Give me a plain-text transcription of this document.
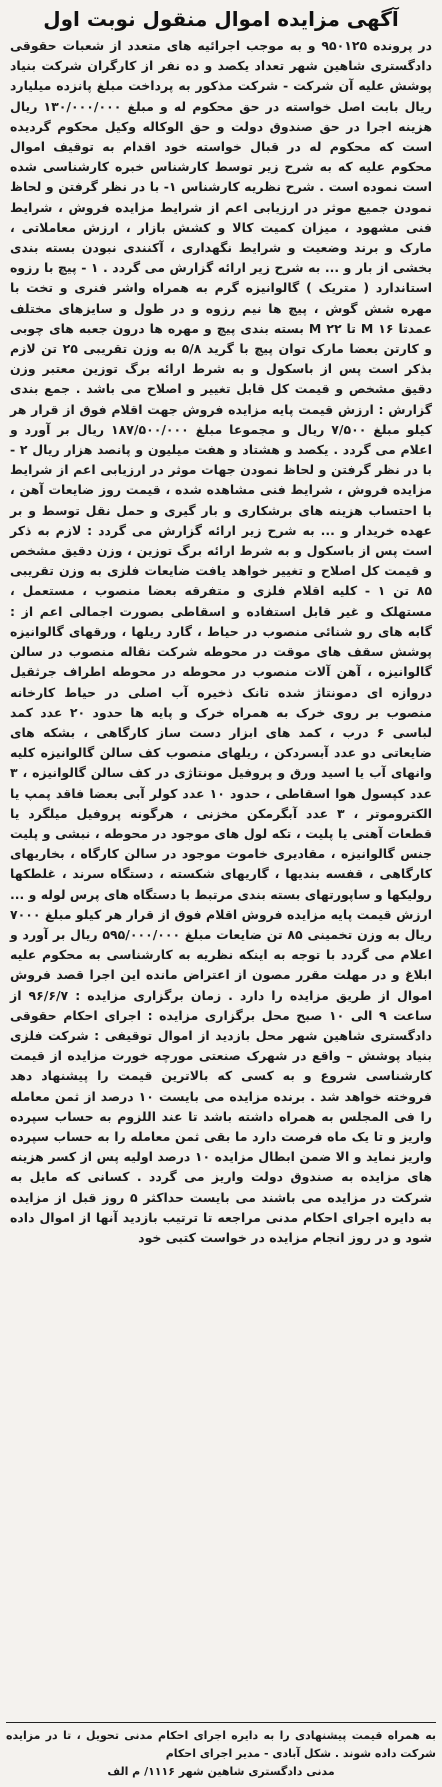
آگهی مزایده اموال منقول نوبت اول

در پرونده ۹۵۰۱۲۵ و به موجب اجرائیه های متعدد از شعبات حقوقی دادگستری شاهین شهر تعداد یکصد و ده نفر از کارگران شرکت بنیاد پوشش علیه آن شرکت - شرکت مذکور به پرداخت مبلغ پانزده میلیارد ریال بابت اصل خواسته در حق محکوم له و مبلغ ۱۳۰/۰۰۰/۰۰۰ ریال هزینه اجرا در حق صندوق دولت و حق الوکاله وکیل محکوم گردیده است که محکوم له در قبال خواسته خود اقدام به توقیف اموال محکوم علیه که به شرح زیر توسط کارشناس خبره کارشناسی شده است نموده است . شرح نظریه کارشناس ۱- با در نظر گرفتن و لحاظ نمودن جمیع موثر در ارزیابی اعم از شرایط مزایده فروش ، شرایط فنی مشهود ، میزان کمیت کالا و کشش بازار ، ارزش معاملاتی ، مارک و برند وضعیت و شرایط نگهداری ، آکنندی نبودن بسته بندی بخشی از بار و ... به شرح زیر ارائه گزارش می گردد . ۱ - پیچ با رزوه استاندارد ( متریک ) گالوانیزه گرم به همراه واشر فنری و تخت با مهره شش گوش ، پیچ ها نیم رزوه و در طول و سایزهای مختلف عمدتا ۱۶ M تا ۲۲ M بسته بندی پیچ و مهره ها درون جعبه های چوبی و کارتن بعضا مارک توان پیچ با گرید ۵/۸ به وزن تقریبی ۲۵ تن لازم بذکر است پس از باسکول و به شرط ارائه برگ توزین معتبر وزن دقیق مشخص و قیمت کل قابل تغییر و اصلاح می باشد . جمع بندی گزارش : ارزش قیمت پایه مزایده فروش جهت اقلام فوق از قرار هر کیلو مبلغ ۷/۵۰۰ ریال و مجموعا مبلغ ۱۸۷/۵۰۰/۰۰۰ ریال بر آورد و اعلام می گردد . یکصد و هشتاد و هفت میلیون و پانصد هزار ریال ۲ - با در نظر گرفتن و لحاظ نمودن جهات موثر در ارزیابی اعم از شرایط مزایده فروش ، شرایط فنی مشاهده شده ، قیمت روز ضایعات آهن ، با احتساب هزینه های برشکاری و بار گیری و حمل نقل توسط و بر عهده خریدار و ... به شرح زیر ارائه گزارش می گردد : لازم به ذکر است پس از باسکول و به شرط ارائه برگ توزین ، وزن دقیق مشخص و قیمت کل اصلاح و تغییر خواهد یافت ضایعات فلزی به وزن تقریبی ۸۵ تن ۱ - کلیه اقلام فلزی و متفرقه بعضا منصوب ، مستعمل ، مستهلک و غیر قابل استفاده و اسقاطی بصورت اجمالی اعم از : گابه های رو شنائی منصوب در حیاط ، گارد ریلها ، ورقهای گالوانیزه پوشش سقف های موقت در محوطه شرکت نقاله منصوب در سالن گالوانیزه ، آهن آلات منصوب در محوطه در محوطه اطراف جرثقیل دروازه ای دمونتاژ شده تانک ذخیره آب اصلی در حیاط کارخانه منصوب بر روی خرک به همراه خرک و پایه ها حدود ۲۰ عدد کمد لباسی ۶ درب ، کمد های ابزار دست ساز کارگاهی ، بشکه های ضایعاتی دو عدد آبسردکن ، ریلهای منصوب کف سالن گالوانیزه کلیه وانهای آب یا اسید ورق و پروفیل مونتاژی در کف سالن گالوانیزه ، ۳ عدد کپسول هوا اسقاطی ، حدود ۱۰ عدد کولر آبی بعضا فاقد پمپ یا الکتروموتر ، ۳ عدد آبگرمکن مخزنی ، هرگونه پروفیل میلگرد یا قطعات آهنی یا پلیت ، تکه لول های موجود در محوطه ، نبشی و پلیت جنس گالوانیزه ، مقادیری خاموت موجود در سالن کارگاه ، بخاریهای کارگاهی ، قفسه بندیها ، گاریهای شکسته ، دستگاه سرند ، غلطکها رولیکها و ساپورتهای بسته بندی مرتبط با دستگاه های پرس لوله و ... ارزش قیمت پایه مزایده فروش اقلام فوق از قرار هر کیلو مبلغ ۷۰۰۰ ریال به وزن تخمینی ۸۵ تن ضایعات مبلغ ۵۹۵/۰۰۰/۰۰۰ ریال بر آورد و اعلام می گردد با توجه به اینکه نظریه به کارشناسی به محکوم علیه ابلاغ و در مهلت مقرر مصون از اعتراض مانده این اجرا قصد فروش اموال از طریق مزایده را دارد . زمان برگزاری مزایده : ۹۶/۶/۷ از ساعت ۹ الی ۱۰ صبح محل برگزاری مزایده : اجرای احکام حقوقی دادگستری شاهین شهر محل بازدید از اموال توقیفی : شرکت فلزی بنیاد پوشش – واقع در شهرک صنعتی مورچه خورت مزایده از قیمت کارشناسی شروع و به کسی که بالاترین قیمت را پیشنهاد دهد فروخته خواهد شد . برنده مزایده می بایست ۱۰ درصد از ثمن معامله را فی المجلس به همراه داشته باشد تا عند اللزوم به حساب سپرده واریز و تا یک ماه فرصت دارد ما بقی ثمن معامله را به حساب سپرده واریز نماید و الا ضمن ابطال مزایده ۱۰ درصد اولیه پس از کسر هزینه های مزایده به صندوق دولت واریز می گردد . کسانی که مایل به شرکت در مزایده می باشند می بایست حداکثر ۵ روز قبل از مزایده به دایره اجرای احکام مدنی مراجعه تا ترتیب بازدید آنها از اموال داده شود و در روز انجام مزایده در خواست کتبی خود

به همراه قیمت پیشنهادی را به دایره اجرای احکام مدنی تحویل ، تا در مزایده شرکت داده شوند . شکل آبادی - مدیر اجرای احکام
مدنی دادگستری شاهین شهر ۱۱۱۶/ م الف
